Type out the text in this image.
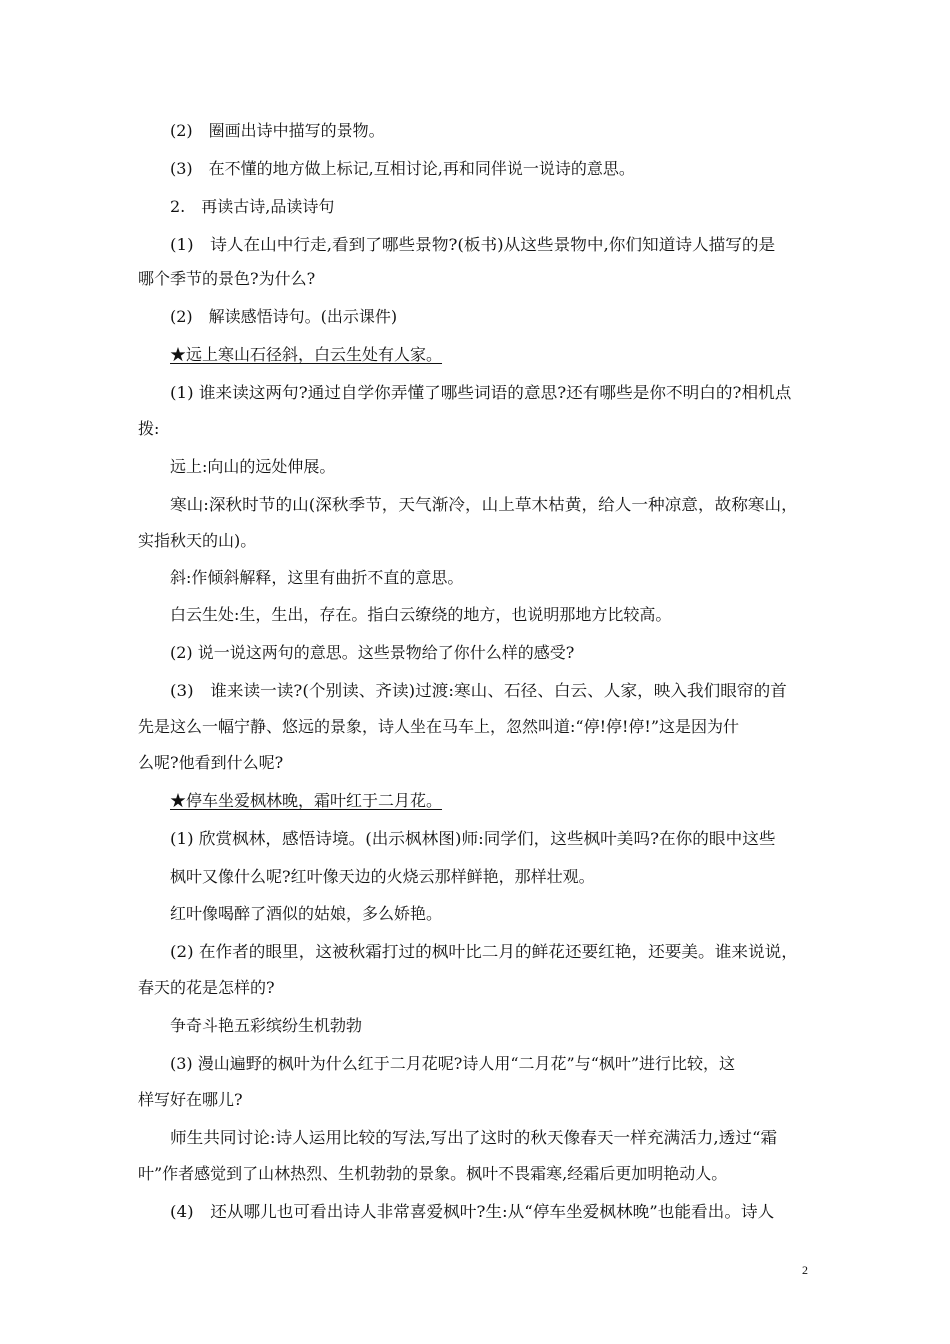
(2)　圈画出诗中描写的景物。
(3)　在不懂的地方做上标记,互相讨论,再和同伴说一说诗的意思。
2.　再读古诗,品读诗句
(1)　诗人在山中行走,看到了哪些景物?(板书)从这些景物中,你们知道诗人描写的是
哪个季节的景色?为什么?
(2)　解读感悟诗句。(出示课件)
★远上寒山石径斜，白云生处有人家。
(1) 谁来读这两句?通过自学你弄懂了哪些词语的意思?还有哪些是你不明白的?相机点
拨:
远上:向山的远处伸展。
寒山:深秋时节的山(深秋季节，天气渐冷，山上草木枯黄，给人一种凉意，故称寒山，
实指秋天的山)。
斜:作倾斜解释，这里有曲折不直的意思。
白云生处:生，生出，存在。指白云缭绕的地方，也说明那地方比较高。
(2) 说一说这两句的意思。这些景物给了你什么样的感受?
(3)　谁来读一读?(个别读、齐读)过渡:寒山、石径、白云、人家，映入我们眼帘的首
先是这么一幅宁静、悠远的景象，诗人坐在马车上，忽然叫道:“停!停!停!”这是因为什
么呢?他看到什么呢?
★停车坐爱枫林晚，霜叶红于二月花。
(1) 欣赏枫林，感悟诗境。(出示枫林图)师:同学们，这些枫叶美吗?在你的眼中这些
枫叶又像什么呢?红叶像天边的火烧云那样鲜艳，那样壮观。
红叶像喝醉了酒似的姑娘，多么娇艳。
(2) 在作者的眼里，这被秋霜打过的枫叶比二月的鲜花还要红艳，还要美。谁来说说，
春天的花是怎样的?
争奇斗艳五彩缤纷生机勃勃
(3) 漫山遍野的枫叶为什么红于二月花呢?诗人用“二月花”与“枫叶”进行比较，这
样写好在哪儿?
师生共同讨论:诗人运用比较的写法,写出了这时的秋天像春天一样充满活力,透过“霜
叶”作者感觉到了山林热烈、生机勃勃的景象。枫叶不畏霜寒,经霜后更加明艳动人。
(4)　还从哪儿也可看出诗人非常喜爱枫叶?生:从“停车坐爱枫林晚”也能看出。诗人
2
